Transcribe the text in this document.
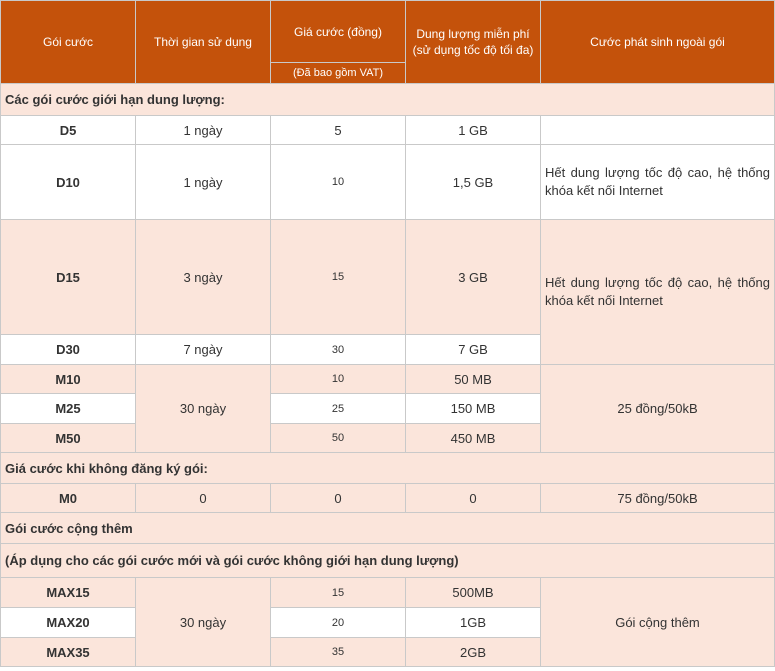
Gói cước	Thời gian sử dụng	Giá cước (đồng)	Dung lượng miễn phí (sử dụng tốc độ tối đa)	Cước phát sinh ngoài gói
		(Đã bao gồm VAT)		
Các gói cước giới hạn dung lượng:				
D5	1 ngày	5	1 GB	
D10	1 ngày	10	1,5 GB	Hết dung lượng tốc độ cao, hệ thống khóa kết nối Internet
D15	3 ngày	15	3 GB	Hết dung lượng tốc độ cao, hệ thống khóa kết nối Internet
D30	7 ngày	30	7 GB	
M10	30 ngày	10	50 MB	25 đồng/50kB
M25		25	150 MB	
M50		50	450 MB	
Giá cước khi không đăng ký gói:				
M0	0	0	0	75 đồng/50kB
Gói cước cộng thêm				
(Áp dụng cho các gói cước mới và gói cước không giới hạn dung lượng)				
MAX15	30 ngày	15	500MB	Gói cộng thêm
MAX20		20	1GB	
MAX35		35	2GB	
